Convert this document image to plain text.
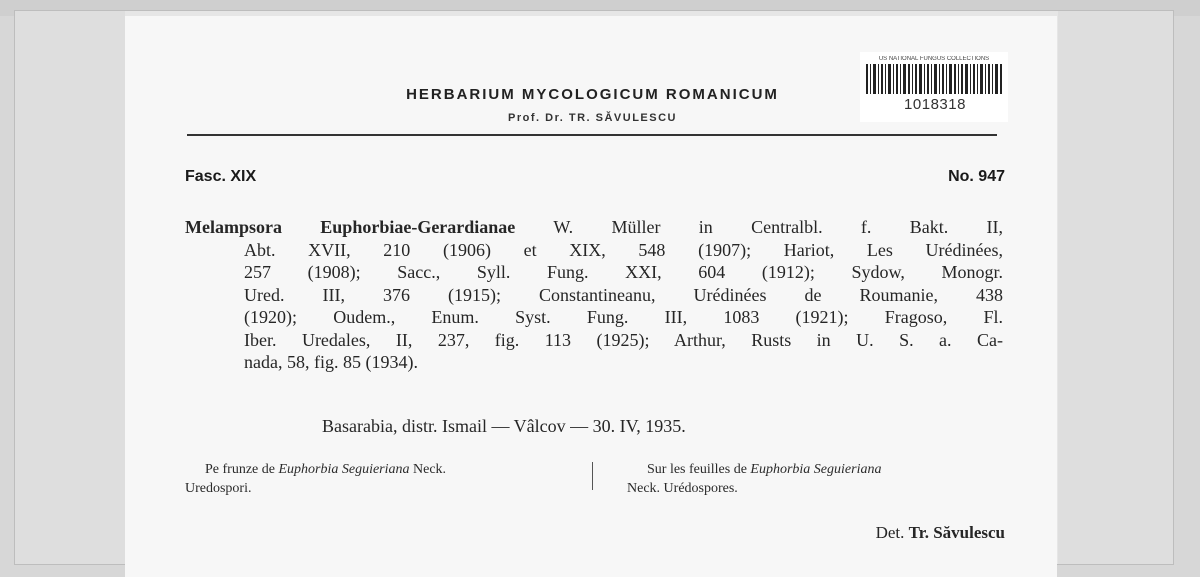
HERBARIUM MYCOLOGICUM ROMANICUM
Prof. Dr. TR. SĂVULESCU
US NATIONAL FUNGUS COLLECTIONS
1018318
Fasc. XIX	No. 947
Melampsora Euphorbiae-Gerardianae W. Müller in Centralbl. f. Bakt. II,
Abt. XVII, 210 (1906) et XIX, 548 (1907); Hariot, Les Urédinées,
257 (1908); Sacc., Syll. Fung. XXI, 604 (1912); Sydow, Monogr.
Ured. III, 376 (1915); Constantineanu, Urédinées de Roumanie, 438
(1920); Oudem., Enum. Syst. Fung. III, 1083 (1921); Fragoso, Fl.
Iber. Uredales, II, 237, fig. 113 (1925); Arthur, Rusts in U. S. a. Ca-
nada, 58, fig. 85 (1934).
Basarabia, distr. Ismail — Vâlcov — 30. IV, 1935.
Pe frunze de Euphorbia Seguieriana Neck.
Uredospori.
Sur les feuilles de Euphorbia Seguieriana
Neck. Urédospores.
Det. Tr. Săvulescu
